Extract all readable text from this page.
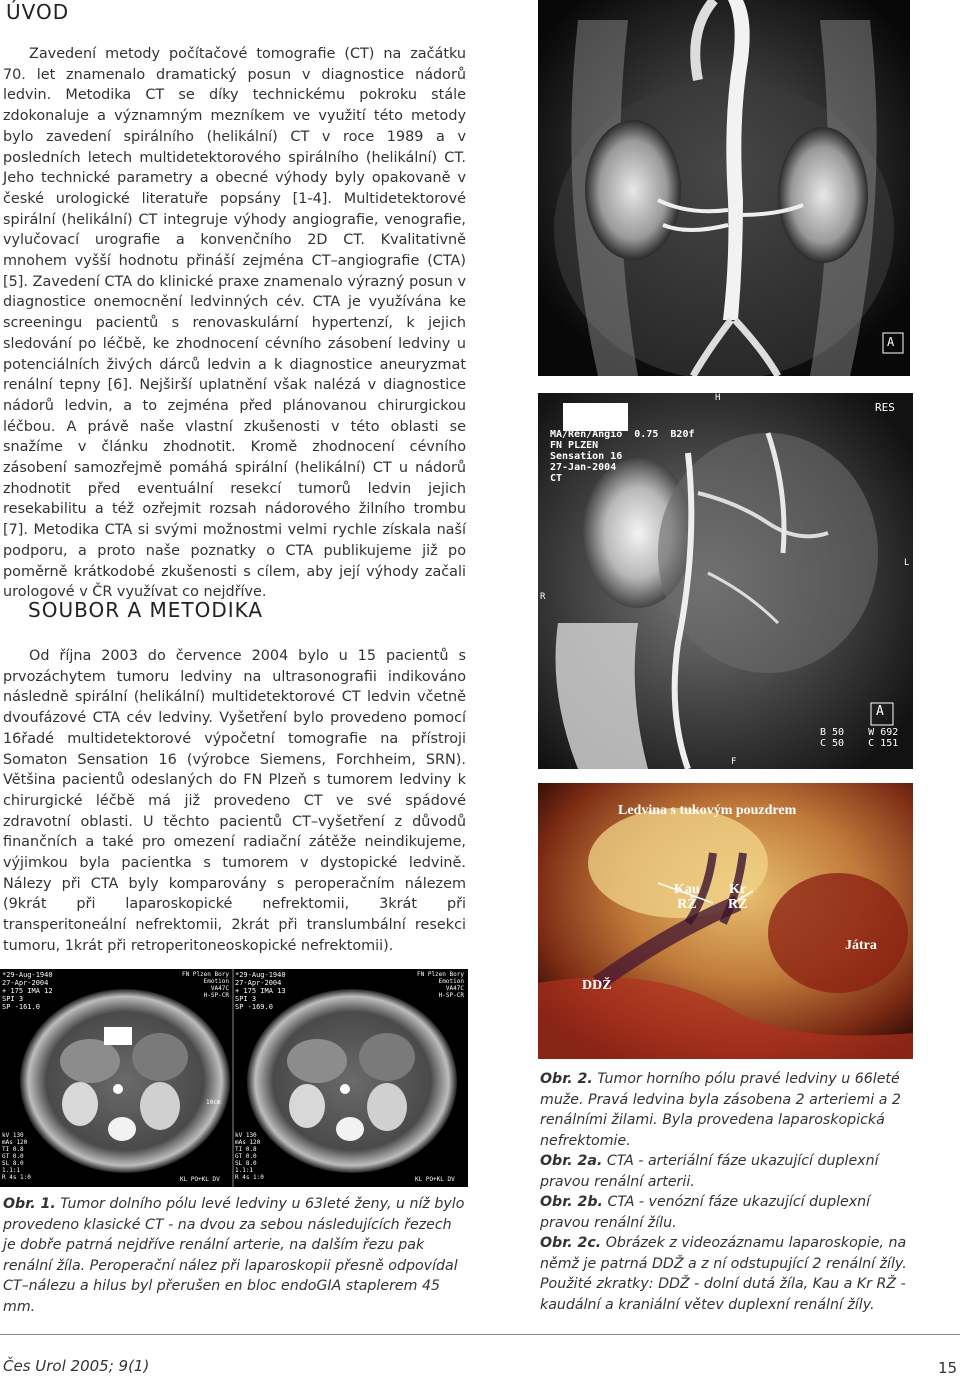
ÚVOD

Zavedení metody počítačové tomografie (CT) na začátku 70. let znamenalo dramatický posun v diagnostice nádorů ledvin. Metodika CT se díky technickému pokroku stále zdokonaluje a významným mezníkem ve využití této metody bylo zavedení spirálního (helikální) CT v roce 1989 a v posledních letech multidetektorového spirálního (helikální) CT. Jeho technické parametry a obecné výhody byly opakovaně v české urologické literatuře popsány [1-4]. Multidetektorové spirální (helikální) CT integruje výhody angiografie, venografie, vylučovací urografie a konvenčního 2D CT. Kvalitativně mnohem vyšší hodnotu přináší zejména CT–angiografie (CTA) [5]. Zavedení CTA do klinické praxe znamenalo výrazný posun v diagnostice onemocnění ledvinných cév. CTA je využívána ke screeningu pacientů s renovaskulární hypertenzí, k jejich sledování po léčbě, ke zhodnocení cévního zásobení ledviny u potenciálních živých dárců ledvin a k diagnostice aneuryzmat renální tepny [6]. Nejširší uplatnění však nalézá v diagnostice nádorů ledvin, a to zejména před plánovanou chirurgickou léčbou. A právě naše vlastní zkušenosti v této oblasti se snažíme v článku zhodnotit. Kromě zhodnocení cévního zásobení samozřejmě pomáhá spirální (helikální) CT u nádorů zhodnotit před eventuální resekcí tumorů ledvin jejich resekabilitu a též ozřejmit rozsah nádorového žilního trombu [7]. Metodika CTA si svými možnostmi velmi rychle získala naší podporu, a proto naše poznatky o CTA publikujeme již po poměrně krátkodobé zkušenosti s cílem, aby její výhody začali urologové v ČR využívat co nejdříve.

SOUBOR A METODIKA

Od října 2003 do července 2004 bylo u 15 pacientů s prvozáchytem tumoru ledviny na ultrasonografii indikováno následně spirální (helikální) multidetektorové CT ledvin včetně dvoufázové CTA cév ledviny. Vyšetření bylo provedeno pomocí 16řadé multidetektorové výpočetní tomografie na přístroji Somaton Sensation 16 (výrobce Siemens, Forchheim, SRN). Většina pacientů odeslaných do FN Plzeň s tumorem ledviny k chirurgické léčbě má již provedeno CT ve své spádové zdravotní oblasti. U těchto pacientů CT–vyšetření z důvodů finančních a také pro omezení radiační zátěže neindikujeme, výjimkou byla pacientka s tumorem v dystopické ledvině. Nálezy při CTA byly komparovány s peroperačním nálezem (9krát při laparoskopické nefrektomii, 3krát při transperitoneální nefrektomii, 2krát při translumbální resekci tumoru, 1krát při retroperitoneoskopické nefrektomii).

A
RES
MA/Ren/Angio  0.75  B20f
FN PLZEN
Sensation 16
27-Jan-2004
CT
H
R
L
F
A
B 50    W 692
C 50    C 151
Ledvina s tukovým pouzdrem
Kau
RŽ
Kr
RŽ
Játra
DDŽ
*29-Aug-1940
27-Apr-2004
+ 175 IMA 12
SPI 3
SP -161.0
*29-Aug-1940
27-Apr-2004
+ 175 IMA 13
SPI 3
SP -169.0
FN Plzen Bory
Emotion
VA47C
H-SP-CR
FN Plzen Bory
Emotion
VA47C
H-SP-CR
kV 130
mAs 120
TI 0.8
GT 0.0
SL 8.0
1.1:1
R 4s 1:0
kV 130
mAs 120
TI 0.8
GT 0.0
SL 8.0
1.1:1
R 4s 1:0
KL PO+KL DV	KL PO+KL DV
10cm
Obr. 1. Tumor dolního pólu levé ledviny u 63leté ženy, u níž bylo provedeno klasické CT - na dvou za sebou následujících řezech je dobře patrná nejdříve renální arterie, na dalším řezu pak renální žíla. Peroperační nález při laparoskopii přesně odpovídal CT–nálezu a hilus byl přerušen en bloc endoGIA staplerem 45 mm.

Obr. 2. Tumor horního pólu pravé ledviny u 66leté muže. Pravá ledvina byla zásobena 2 arteriemi a 2 renálními žilami. Byla provedena laparoskopická nefrektomie.

Obr. 2a. CTA - arteriální fáze ukazující duplexní pravou renální arterii.

Obr. 2b. CTA - venózní fáze ukazující duplexní pravou renální žílu.

Obr. 2c. Obrázek z videozáznamu laparoskopie, na němž je patrná DDŽ a z ní odstupující 2 renální žíly. Použité zkratky: DDŽ - dolní dutá žíla, Kau a Kr RŽ - kaudální a kraniální větev duplexní renální žíly.

Čes Urol 2005; 9(1)	15
